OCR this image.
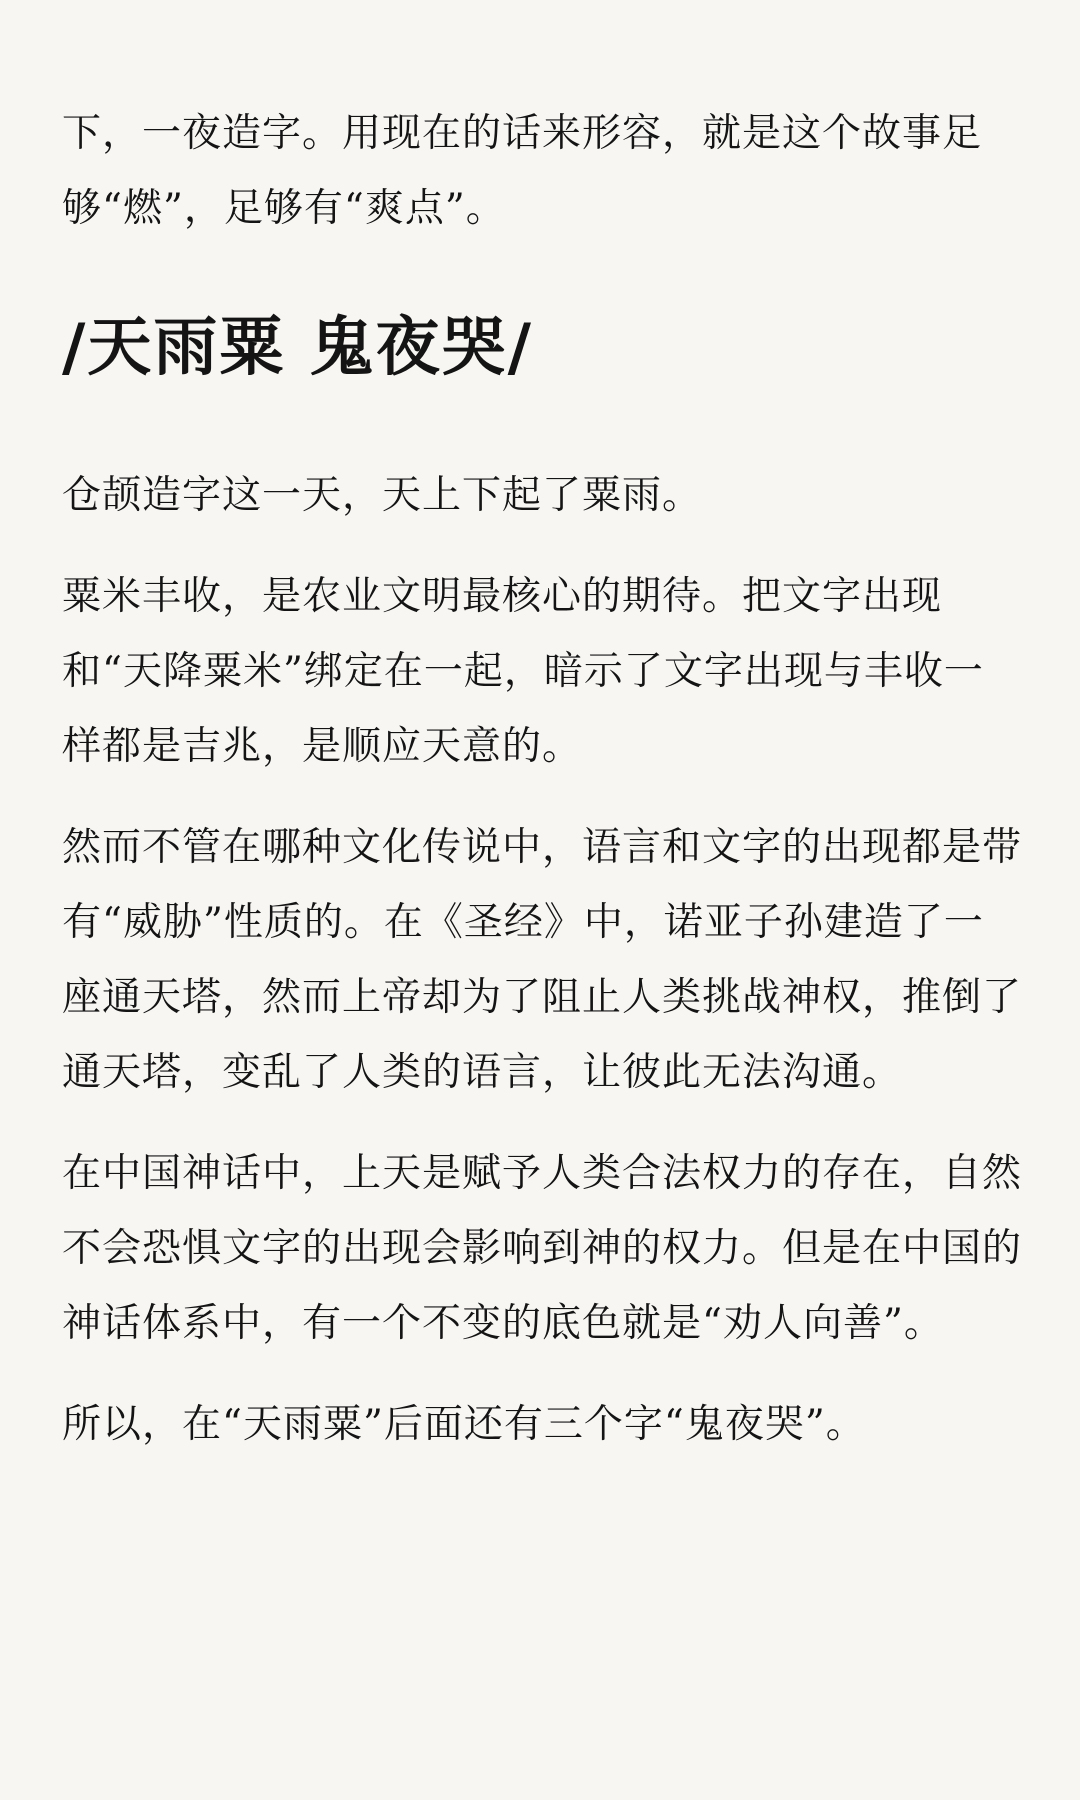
下，一夜造字。用现在的话来形容，就是这个故事足够“燃”，足够有“爽点”。

/天雨粟 鬼夜哭/

仓颉造字这一天，天上下起了粟雨。

粟米丰收，是农业文明最核心的期待。把文字出现和“天降粟米”绑定在一起，暗示了文字出现与丰收一样都是吉兆，是顺应天意的。

然而不管在哪种文化传说中，语言和文字的出现都是带有“威胁”性质的。在《圣经》中，诺亚子孙建造了一座通天塔，然而上帝却为了阻止人类挑战神权，推倒了通天塔，变乱了人类的语言，让彼此无法沟通。

在中国神话中，上天是赋予人类合法权力的存在，自然不会恐惧文字的出现会影响到神的权力。但是在中国的神话体系中，有一个不变的底色就是“劝人向善”。

所以，在“天雨粟”后面还有三个字“鬼夜哭”。
